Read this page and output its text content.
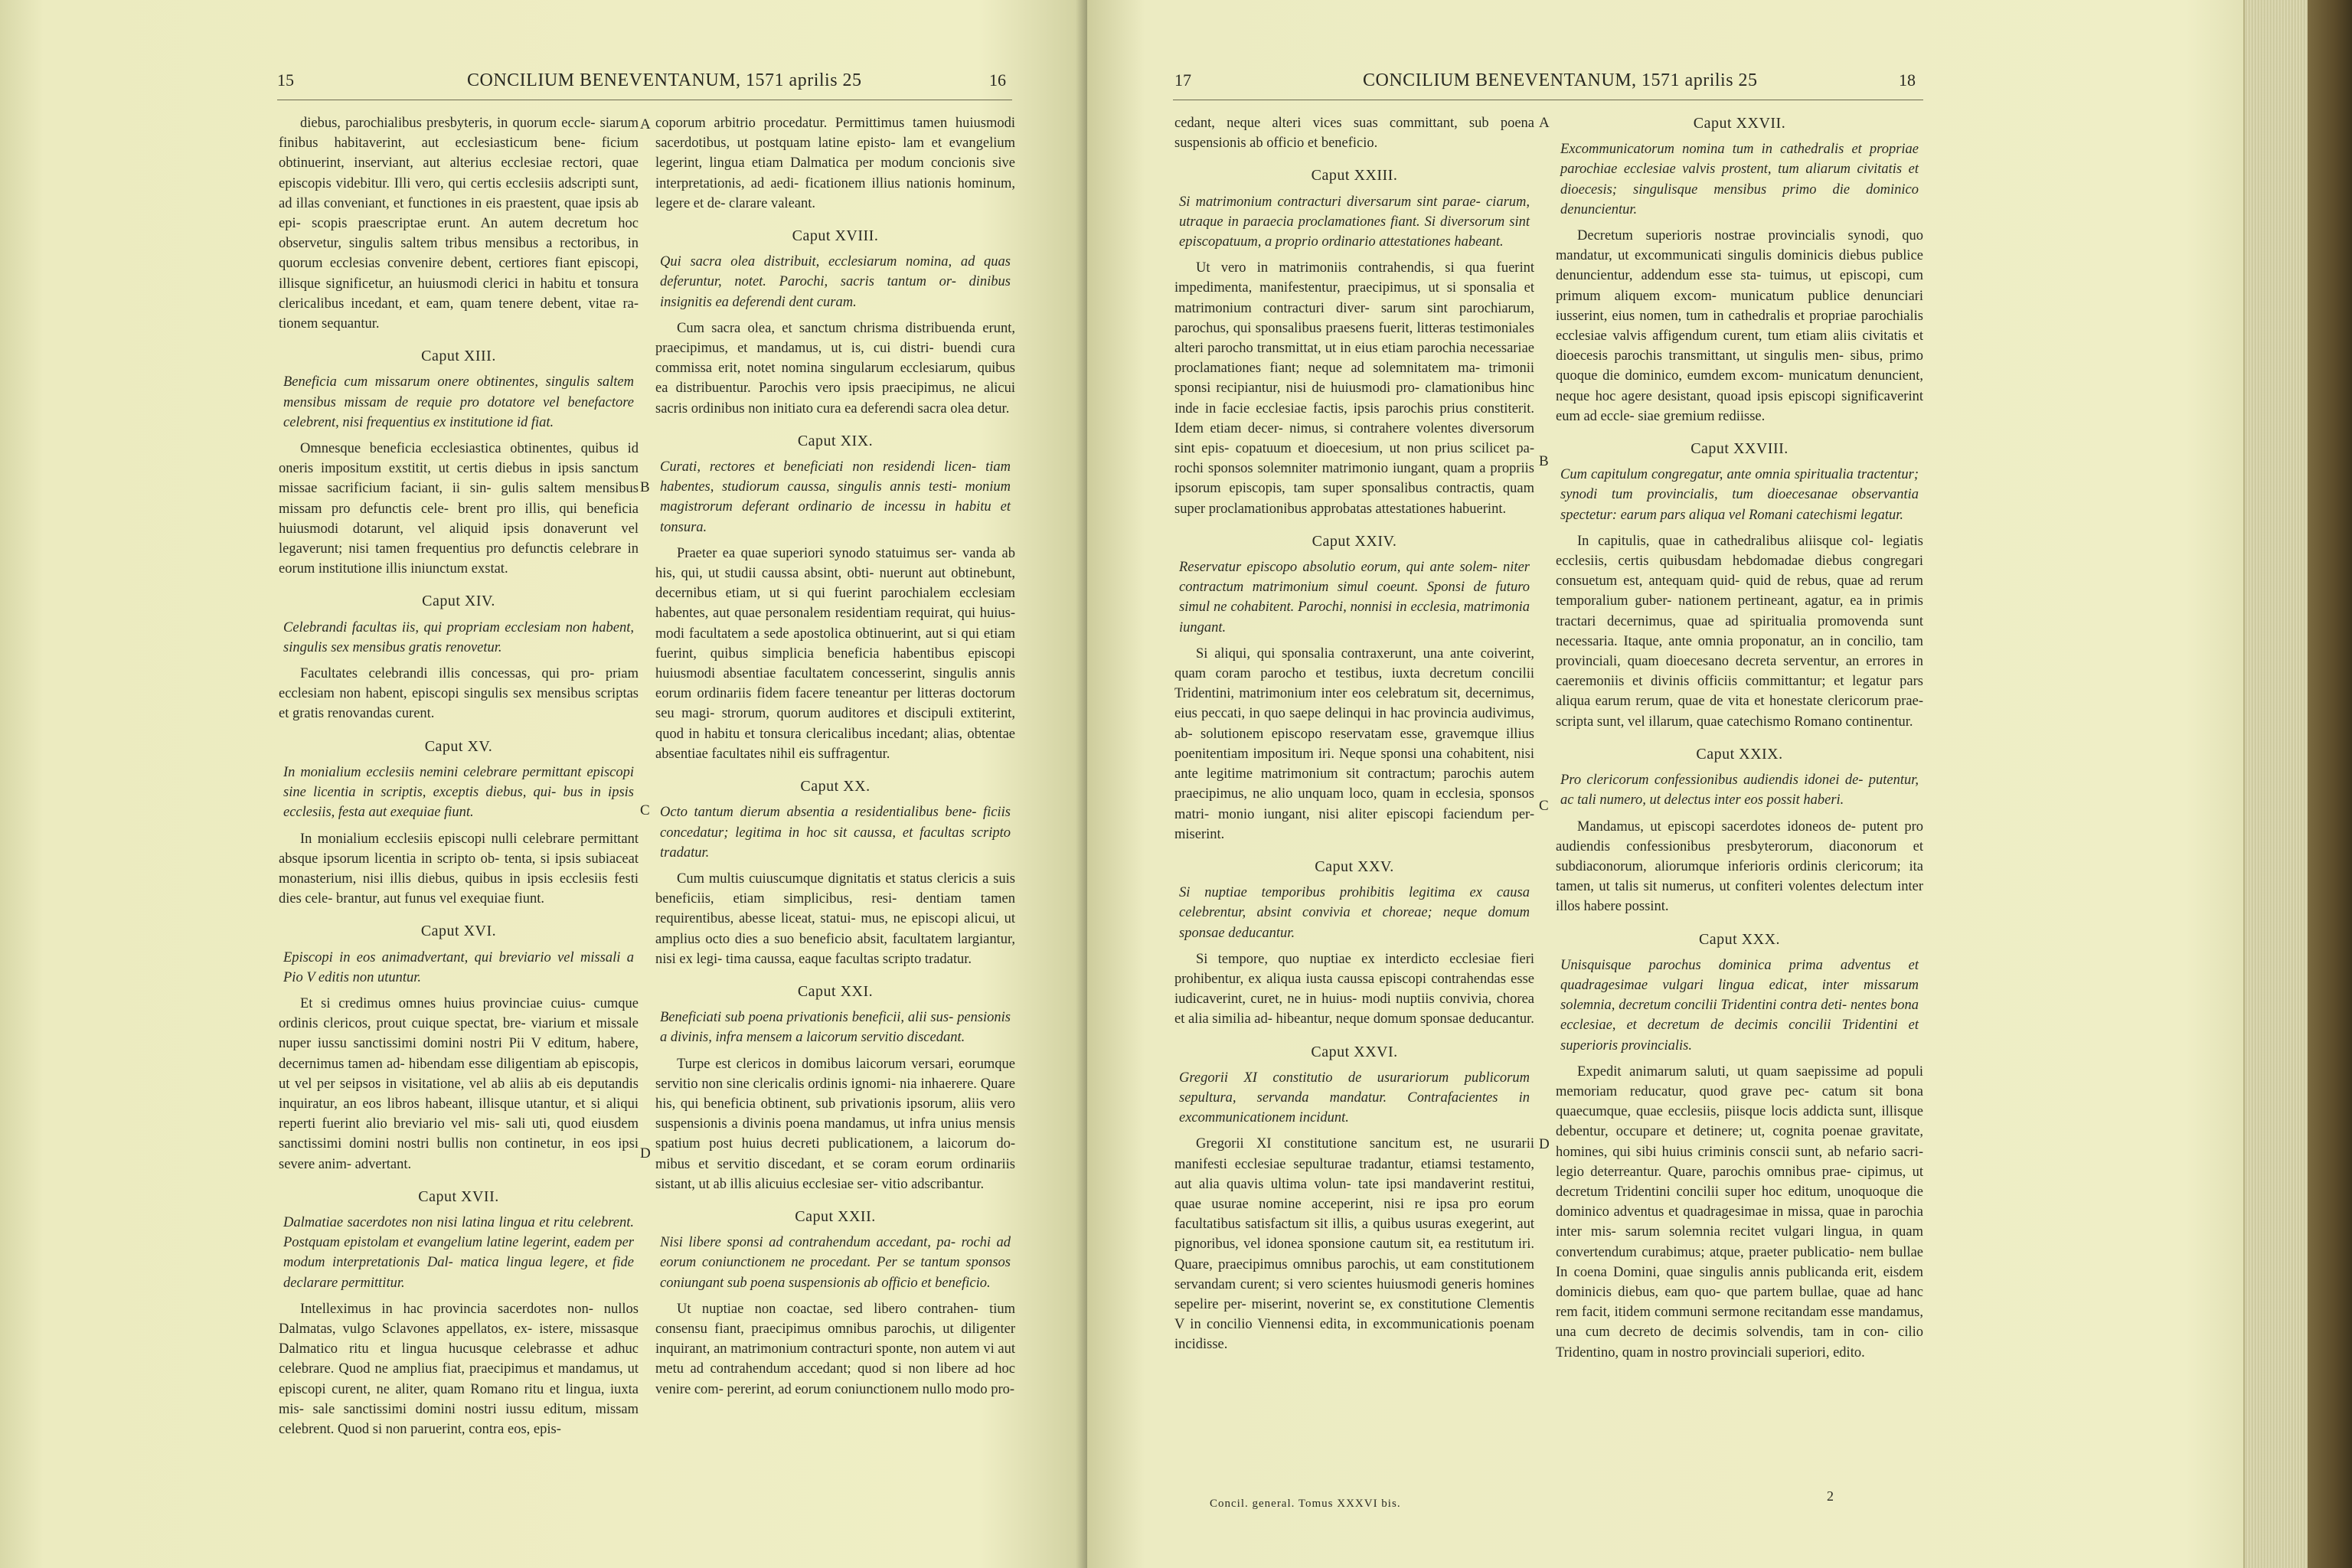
15	CONCILIUM BENEVENTANUM, 1571 aprilis 25	16

diebus, parochialibus presbyteris, in quorum eccle- siarum finibus habitaverint, aut ecclesiasticum bene- ficium obtinuerint, inserviant, aut alterius ecclesiae rectori, quae episcopis videbitur. Illi vero, qui certis ecclesiis adscripti sunt, ad illas conveniant, et functiones in eis praestent, quae ipsis ab epi- scopis praescriptae erunt. An autem decretum hoc observetur, singulis saltem tribus mensibus a rectoribus, in quorum ecclesias convenire debent, certiores fiant episcopi, illisque significetur, an huiusmodi clerici in habitu et tonsura clericalibus incedant, et eam, quam tenere debent, vitae ra- tionem sequantur.

Caput XIII.
Beneficia cum missarum onere obtinentes, singulis saltem mensibus missam de requie pro dotatore vel benefactore celebrent, nisi frequentius ex institutione id fiat.

Omnesque beneficia ecclesiastica obtinentes, quibus id oneris impositum exstitit, ut certis diebus in ipsis sanctum missae sacrificium faciant, ii sin- gulis saltem mensibus missam pro defunctis cele- brent pro illis, qui beneficia huiusmodi dotarunt, vel aliquid ipsis donaverunt vel legaverunt; nisi tamen frequentius pro defunctis celebrare in eorum institutione illis iniunctum exstat.

Caput XIV.
Celebrandi facultas iis, qui propriam ecclesiam non habent, singulis sex mensibus gratis renovetur.

Facultates celebrandi illis concessas, qui pro- priam ecclesiam non habent, episcopi singulis sex mensibus scriptas et gratis renovandas curent.

Caput XV.
In monialium ecclesiis nemini celebrare permittant episcopi sine licentia in scriptis, exceptis diebus, qui- bus in ipsis ecclesiis, festa aut exequiae fiunt.

In monialium ecclesiis episcopi nulli celebrare permittant absque ipsorum licentia in scripto ob- tenta, si ipsis subiaceat monasterium, nisi illis diebus, quibus in ipsis ecclesiis festi dies cele- brantur, aut funus vel exequiae fiunt.

Caput XVI.
Episcopi in eos animadvertant, qui breviario vel missali a Pio V editis non utuntur.

Et si credimus omnes huius provinciae cuius- cumque ordinis clericos, prout cuique spectat, bre- viarium et missale nuper iussu sanctissimi domini nostri Pii V editum, habere, decernimus tamen ad- hibendam esse diligentiam ab episcopis, ut vel per seipsos in visitatione, vel ab aliis ab eis deputandis inquiratur, an eos libros habeant, illisque utantur, et si aliqui reperti fuerint alio breviario vel mis- sali uti, quod eiusdem sanctissimi domini nostri bullis non continetur, in eos ipsi severe anim- advertant.

Caput XVII.
Dalmatiae sacerdotes non nisi latina lingua et ritu celebrent. Postquam epistolam et evangelium latine legerint, eadem per modum interpretationis Dal- matica lingua legere, et fide declarare permittitur.

Intelleximus in hac provincia sacerdotes non- nullos Dalmatas, vulgo Sclavones appellatos, ex- istere, missasque Dalmatico ritu et lingua hucusque celebrasse et adhuc celebrare. Quod ne amplius fiat, praecipimus et mandamus, ut episcopi curent, ne aliter, quam Romano ritu et lingua, iuxta mis- sale sanctissimi domini nostri iussu editum, missam celebrent. Quod si non paruerint, contra eos, epis-

A
B
C
D

coporum arbitrio procedatur. Permittimus tamen huiusmodi sacerdotibus, ut postquam latine episto- lam et evangelium legerint, lingua etiam Dalmatica per modum concionis sive interpretationis, ad aedi- ficationem illius nationis hominum, legere et de- clarare valeant.

Caput XVIII.
Qui sacra olea distribuit, ecclesiarum nomina, ad quas deferuntur, notet. Parochi, sacris tantum or- dinibus insignitis ea deferendi dent curam.

Cum sacra olea, et sanctum chrisma distribuenda erunt, praecipimus, et mandamus, ut is, cui distri- buendi cura commissa erit, notet nomina singularum ecclesiarum, quibus ea distribuentur. Parochis vero ipsis praecipimus, ne alicui sacris ordinibus non initiato cura ea deferendi sacra olea detur.

Caput XIX.
Curati, rectores et beneficiati non residendi licen- tiam habentes, studiorum caussa, singulis annis testi- monium magistrorum deferant ordinario de incessu in habitu et tonsura.

Praeter ea quae superiori synodo statuimus ser- vanda ab his, qui, ut studii caussa absint, obti- nuerunt aut obtinebunt, decernibus etiam, ut si qui fuerint parochialem ecclesiam habentes, aut quae personalem residentiam requirat, qui huius- modi facultatem a sede apostolica obtinuerint, aut si qui etiam fuerint, quibus simplicia beneficia habentibus episcopi huiusmodi absentiae facultatem concesserint, singulis annis eorum ordinariis fidem facere teneantur per litteras doctorum seu magi- strorum, quorum auditores et discipuli extiterint, quod in habitu et tonsura clericalibus incedant; alias, obtentae absentiae facultates nihil eis suffragentur.

Caput XX.
Octo tantum dierum absentia a residentialibus bene- ficiis concedatur; legitima in hoc sit caussa, et facultas scripto tradatur.

Cum multis cuiuscumque dignitatis et status clericis a suis beneficiis, etiam simplicibus, resi- dentiam tamen requirentibus, abesse liceat, statui- mus, ne episcopi alicui, ut amplius octo dies a suo beneficio absit, facultatem largiantur, nisi ex legi- tima caussa, eaque facultas scripto tradatur.

Caput XXI.
Beneficiati sub poena privationis beneficii, alii sus- pensionis a divinis, infra mensem a laicorum servitio discedant.

Turpe est clericos in domibus laicorum versari, eorumque servitio non sine clericalis ordinis ignomi- nia inhaerere. Quare his, qui beneficia obtinent, sub privationis ipsorum, aliis vero suspensionis a divinis poena mandamus, ut infra unius mensis spatium post huius decreti publicationem, a laicorum do- mibus et servitio discedant, et se coram eorum ordinariis sistant, ut ab illis alicuius ecclesiae ser- vitio adscribantur.

Caput XXII.
Nisi libere sponsi ad contrahendum accedant, pa- rochi ad eorum coniunctionem ne procedant. Per se tantum sponsos coniungant sub poena suspensionis ab officio et beneficio.

Ut nuptiae non coactae, sed libero contrahen- tium consensu fiant, praecipimus omnibus parochis, ut diligenter inquirant, an matrimonium contracturi sponte, non autem vi aut metu ad contrahendum accedant; quod si non libere ad hoc venire com- pererint, ad eorum coniunctionem nullo modo pro-

17	CONCILIUM BENEVENTANUM, 1571 aprilis 25	18

cedant, neque alteri vices suas committant, sub poena suspensionis ab officio et beneficio.

Caput XXIII.
Si matrimonium contracturi diversarum sint parae- ciarum, utraque in paraecia proclamationes fiant. Si diversorum sint episcopatuum, a proprio ordinario attestationes habeant.

Ut vero in matrimoniis contrahendis, si qua fuerint impedimenta, manifestentur, praecipimus, ut si sponsalia et matrimonium contracturi diver- sarum sint parochiarum, parochus, qui sponsalibus praesens fuerit, litteras testimoniales alteri parocho transmittat, ut in eius etiam parochia necessariae proclamationes fiant; neque ad solemnitatem ma- trimonii sponsi recipiantur, nisi de huiusmodi pro- clamationibus hinc inde in facie ecclesiae factis, ipsis parochis prius constiterit. Idem etiam decer- nimus, si contrahere volentes diversorum sint epis- copatuum et dioecesium, ut non prius scilicet pa- rochi sponsos solemniter matrimonio iungant, quam a propriis ipsorum episcopis, tam super sponsalibus contractis, quam super proclamationibus approbatas attestationes habuerint.

Caput XXIV.
Reservatur episcopo absolutio eorum, qui ante solem- niter contractum matrimonium simul coeunt. Sponsi de futuro simul ne cohabitent. Parochi, nonnisi in ecclesia, matrimonia iungant.

Si aliqui, qui sponsalia contraxerunt, una ante coiverint, quam coram parocho et testibus, iuxta decretum concilii Tridentini, matrimonium inter eos celebratum sit, decernimus, eius peccati, in quo saepe delinqui in hac provincia audivimus, ab- solutionem episcopo reservatam esse, gravemque illius poenitentiam impositum iri. Neque sponsi una cohabitent, nisi ante legitime matrimonium sit contractum; parochis autem praecipimus, ne alio unquam loco, quam in ecclesia, sponsos matri- monio iungant, nisi aliter episcopi faciendum per- miserint.

Caput XXV.
Si nuptiae temporibus prohibitis legitima ex causa celebrentur, absint convivia et choreae; neque domum sponsae deducantur.

Si tempore, quo nuptiae ex interdicto ecclesiae fieri prohibentur, ex aliqua iusta caussa episcopi contrahendas esse iudicaverint, curet, ne in huius- modi nuptiis convivia, chorea et alia similia ad- hibeantur, neque domum sponsae deducantur.

Caput XXVI.
Gregorii XI constitutio de usurariorum publicorum sepultura, servanda mandatur. Contrafacientes in excommunicationem incidunt.

Gregorii XI constitutione sancitum est, ne usurarii manifesti ecclesiae sepulturae tradantur, etiamsi testamento, aut alia quavis ultima volun- tate ipsi mandaverint restitui, quae usurae nomine acceperint, nisi re ipsa pro eorum facultatibus satisfactum sit illis, a quibus usuras exegerint, aut pignoribus, vel idonea sponsione cautum sit, ea restitutum iri. Quare, praecipimus omnibus parochis, ut eam constitutionem servandam curent; si vero scientes huiusmodi generis homines sepelire per- miserint, noverint se, ex constitutione Clementis V in concilio Viennensi edita, in excommunicationis poenam incidisse.

A
B
C
D
Caput XXVII.
Excommunicatorum nomina tum in cathedralis et propriae parochiae ecclesiae valvis prostent, tum aliarum civitatis et dioecesis; singulisque mensibus primo die dominico denuncientur.

Decretum superioris nostrae provincialis synodi, quo mandatur, ut excommunicati singulis dominicis diebus publice denuncientur, addendum esse sta- tuimus, ut episcopi, cum primum aliquem excom- municatum publice denunciari iusserint, eius nomen, tum in cathedralis et propriae parochialis ecclesiae valvis affigendum curent, tum etiam aliis civitatis et dioecesis parochis transmittant, ut singulis men- sibus, primo quoque die dominico, eumdem excom- municatum denuncient, neque hoc agere desistant, quoad ipsis episcopi significaverint eum ad eccle- siae gremium rediisse.

Caput XXVIII.
Cum capitulum congregatur, ante omnia spiritualia tractentur; synodi tum provincialis, tum dioecesanae observantia spectetur: earum pars aliqua vel Romani catechismi legatur.

In capitulis, quae in cathedralibus aliisque col- legiatis ecclesiis, certis quibusdam hebdomadae diebus congregari consuetum est, antequam quid- quid de rebus, quae ad rerum temporalium guber- nationem pertineant, agatur, ea in primis tractari decernimus, quae ad spiritualia promovenda sunt necessaria. Itaque, ante omnia proponatur, an in concilio, tam provinciali, quam dioecesano decreta serventur, an errores in caeremoniis et divinis officiis committantur; et legatur pars aliqua earum rerum, quae de vita et honestate clericorum prae- scripta sunt, vel illarum, quae catechismo Romano continentur.

Caput XXIX.
Pro clericorum confessionibus audiendis idonei de- putentur, ac tali numero, ut delectus inter eos possit haberi.

Mandamus, ut episcopi sacerdotes idoneos de- putent pro audiendis confessionibus presbyterorum, diaconorum et subdiaconorum, aliorumque inferioris ordinis clericorum; ita tamen, ut talis sit numerus, ut confiteri volentes delectum inter illos habere possint.

Caput XXX.
Unisquisque parochus dominica prima adventus et quadragesimae vulgari lingua edicat, inter missarum solemnia, decretum concilii Tridentini contra deti- nentes bona ecclesiae, et decretum de decimis concilii Tridentini et superioris provincialis.

Expedit animarum saluti, ut quam saepissime ad populi memoriam reducatur, quod grave pec- catum sit bona quaecumque, quae ecclesiis, piisque locis addicta sunt, illisque debentur, occupare et detinere; ut, cognita poenae gravitate, homines, qui sibi huius criminis conscii sunt, ab nefario sacri- legio deterreantur. Quare, parochis omnibus prae- cipimus, ut decretum Tridentini concilii super hoc editum, unoquoque die dominico adventus et quadragesimae in missa, quae in parochia inter mis- sarum solemnia recitet vulgari lingua, in quam convertendum curabimus; atque, praeter publicatio- nem bullae In coena Domini, quae singulis annis publicanda erit, eisdem dominicis diebus, eam quo- que partem bullae, quae ad hanc rem facit, itidem communi sermone recitandam esse mandamus, una cum decreto de decimis solvendis, tam in con- cilio Tridentino, quam in nostro provinciali superiori, edito.

Concil. general. Tomus XXXVI bis.	2
